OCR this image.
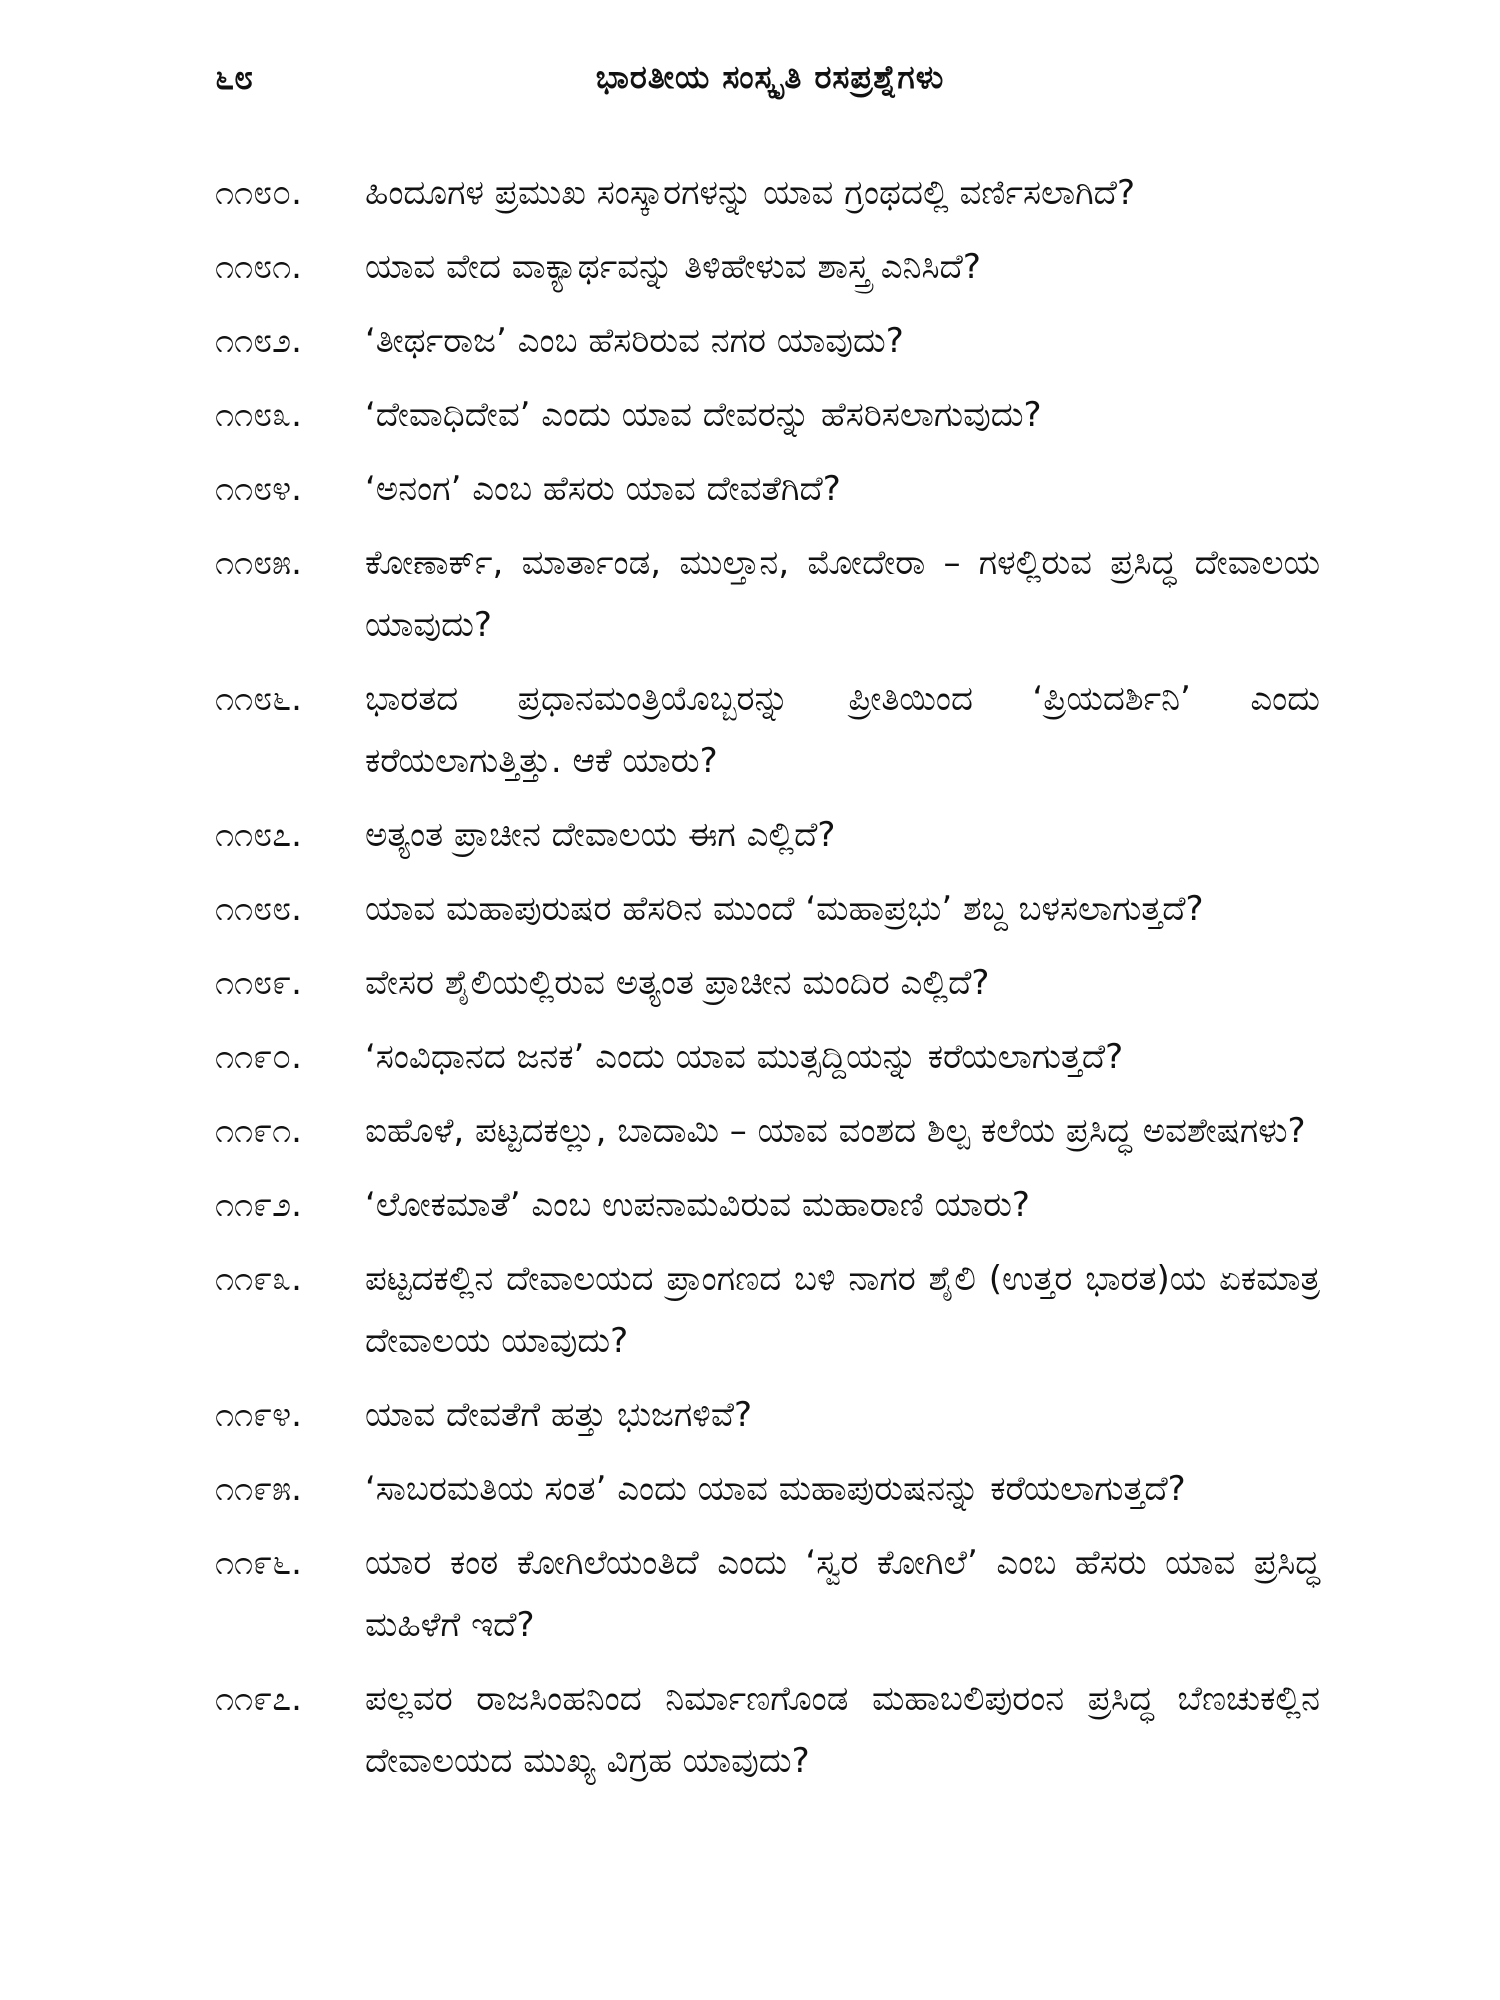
೬೮	ಭಾರತೀಯ ಸಂಸ್ಕೃತಿ ರಸಪ್ರಶ್ನೆಗಳು
೧೧೮೦.	ಹಿಂದೂಗಳ ಪ್ರಮುಖ ಸಂಸ್ಕಾರಗಳನ್ನು ಯಾವ ಗ್ರಂಥದಲ್ಲಿ ವರ್ಣಿಸಲಾಗಿದೆ?
೧೧೮೧.	ಯಾವ ವೇದ ವಾಕ್ಯಾರ್ಥವನ್ನು ತಿಳಿಹೇಳುವ ಶಾಸ್ತ್ರ ಎನಿಸಿದೆ?
೧೧೮೨.	‘ತೀರ್ಥರಾಜ’ ಎಂಬ ಹೆಸರಿರುವ ನಗರ ಯಾವುದು?
೧೧೮೩.	‘ದೇವಾಧಿದೇವ’ ಎಂದು ಯಾವ ದೇವರನ್ನು ಹೆಸರಿಸಲಾಗುವುದು?
೧೧೮೪.	‘ಅನಂಗ’ ಎಂಬ ಹೆಸರು ಯಾವ ದೇವತೆಗಿದೆ?
೧೧೮೫.	ಕೋಣಾರ್ಕ್, ಮಾರ್ತಾಂಡ, ಮುಲ್ತಾನ, ಮೋದೇರಾ – ಗಳಲ್ಲಿರುವ ಪ್ರಸಿದ್ಧ ದೇವಾಲಯ ಯಾವುದು?
೧೧೮೬.	ಭಾರತದ ಪ್ರಧಾನಮಂತ್ರಿಯೊಬ್ಬರನ್ನು ಪ್ರೀತಿಯಿಂದ ‘ಪ್ರಿಯದರ್ಶಿನಿ’ ಎಂದು ಕರೆಯಲಾಗುತ್ತಿತ್ತು. ಆಕೆ ಯಾರು?
೧೧೮೭.	ಅತ್ಯಂತ ಪ್ರಾಚೀನ ದೇವಾಲಯ ಈಗ ಎಲ್ಲಿದೆ?
೧೧೮೮.	ಯಾವ ಮಹಾಪುರುಷರ ಹೆಸರಿನ ಮುಂದೆ ‘ಮಹಾಪ್ರಭು’ ಶಬ್ದ ಬಳಸಲಾಗುತ್ತದೆ?
೧೧೮೯.	ವೇಸರ ಶೈಲಿಯಲ್ಲಿರುವ ಅತ್ಯಂತ ಪ್ರಾಚೀನ ಮಂದಿರ ಎಲ್ಲಿದೆ?
೧೧೯೦.	‘ಸಂವಿಧಾನದ ಜನಕ’ ಎಂದು ಯಾವ ಮುತ್ಸದ್ದಿಯನ್ನು ಕರೆಯಲಾಗುತ್ತದೆ?
೧೧೯೧.	ಐಹೊಳೆ, ಪಟ್ಟದಕಲ್ಲು, ಬಾದಾಮಿ – ಯಾವ ವಂಶದ ಶಿಲ್ಪ ಕಲೆಯ ಪ್ರಸಿದ್ಧ ಅವಶೇಷಗಳು?
೧೧೯೨.	‘ಲೋಕಮಾತೆ’ ಎಂಬ ಉಪನಾಮವಿರುವ ಮಹಾರಾಣಿ ಯಾರು?
೧೧೯೩.	ಪಟ್ಟದಕಲ್ಲಿನ ದೇವಾಲಯದ ಪ್ರಾಂಗಣದ ಬಳಿ ನಾಗರ ಶೈಲಿ (ಉತ್ತರ ಭಾರತ)ಯ ಏಕಮಾತ್ರ ದೇವಾಲಯ ಯಾವುದು?
೧೧೯೪.	ಯಾವ ದೇವತೆಗೆ ಹತ್ತು ಭುಜಗಳಿವೆ?
೧೧೯೫.	‘ಸಾಬರಮತಿಯ ಸಂತ’ ಎಂದು ಯಾವ ಮಹಾಪುರುಷನನ್ನು ಕರೆಯಲಾಗುತ್ತದೆ?
೧೧೯೬.	ಯಾರ ಕಂಠ ಕೋಗಿಲೆಯಂತಿದೆ ಎಂದು ‘ಸ್ವರ ಕೋಗಿಲೆ’ ಎಂಬ ಹೆಸರು ಯಾವ ಪ್ರಸಿದ್ಧ ಮಹಿಳೆಗೆ ಇದೆ?
೧೧೯೭.	ಪಲ್ಲವರ ರಾಜಸಿಂಹನಿಂದ ನಿರ್ಮಾಣಗೊಂಡ ಮಹಾಬಲಿಪುರಂನ ಪ್ರಸಿದ್ಧ ಬೆಣಚುಕಲ್ಲಿನ ದೇವಾಲಯದ ಮುಖ್ಯ ವಿಗ್ರಹ ಯಾವುದು?
